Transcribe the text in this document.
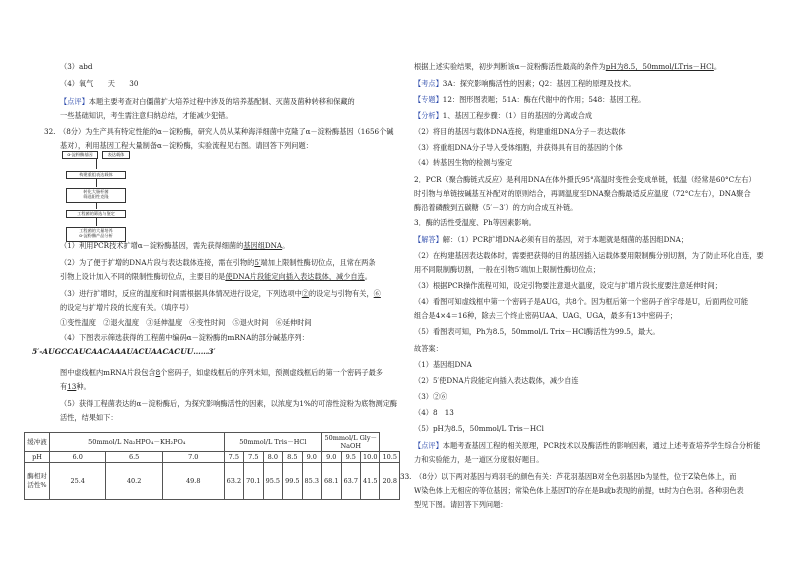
（3）abd
（4）氧气　　天　　30
【点评】本题主要考查对白僵菌扩大培养过程中涉及的培养基配制、灭菌及菌种转移和保藏的
一些基础知识，考生需注意归纳总结，才能减少犯错。
32.　（8分）为生产具有特定性能的α－淀粉酶，研究人员从某种海洋细菌中克隆了α－淀粉酶基因（1656个碱
基对），利用基因工程大量制备α－淀粉酶，实验流程见右图。请回答下列问题：
α-淀粉酶基因	表达载体
构建重组表达载体
转化大肠杆菌
筛选阳性克隆
工程菌的筛选与鉴定
工程菌的大量培养
α-淀粉酶产品分析
（1）利用PCR技术扩增α－淀粉酶基因，需先获得细菌的基因组DNA。
（2）为了便于扩增的DNA片段与表达载体连接，需在引物的5′端加上限制性酶切位点，且常在两条
引物上设计加入不同的限制性酶切位点，主要目的是使DNA片段能定向插入表达载体，减少自连。
（3）进行扩增时，反应的温度和时间需根据具体情况进行设定，下列选项中②的设定与引物有关，⑥
的设定与扩增片段的长度有关。（填序号）
①变性温度　②退火温度　③延伸温度　④变性时间　⑤退火时间　⑥延伸时间
（4）下图表示筛选获得的工程菌中编码α－淀粉酶的mRNA的部分碱基序列：
5′-AUGCCAUCAACAAAUACUAACACUU……3′
图中虚线框内mRNA片段包含8个密码子，如虚线框后的序列未知，预测虚线框后的第一个密码子最多
有13种。
（5）获得工程菌表达的α－淀粉酶后，为探究影响酶活性的因素，以浓度为1%的可溶性淀粉为底物测定酶
活性，结果如下：
缓冲液	50mmol/L Na₂HPO₄－KH₂PO₄			50mmol/L Tris－HCl					50mmol/L Gly－NaOH			
pH	6.0	6.5	7.0	7.5	7.5	8.0	8.5	9.0	9.0	9.5	10.0	10.5
酶相对活性%	25.4	40.2	49.8	63.2	70.1	95.5	99.5	85.3	68.1	63.7	41.5	20.8
根据上述实验结果，初步判断该α－淀粉酶活性最高的条件为pH为8.5，50mmol/LTris－HCl。
【考点】3A：探究影响酶活性的因素；Q2：基因工程的原理及技术。
【专题】12：图形图表题；51A：酶在代谢中的作用；548：基因工程。
【分析】1、基因工程步骤：（1）目的基因的分离或合成
（2）将目的基因与载体DNA连接，构建重组DNA分子－表达载体
（3）将重组DNA分子导入受体细胞，并获得具有目的基因的个体
（4）转基因生物的检测与鉴定
2．PCR（聚合酶链式反应）是利用DNA在体外摄氏95°高温时变性会变成单链，低温（经常是60°C左右）
时引物与单链按碱基互补配对的原则结合，再调温度至DNA聚合酶最适反应温度（72°C左右），DNA聚合
酶沿着磷酸到五碳糖（5′－3′）的方向合成互补链。
3．酶的活性受温度、Ph等因素影响。
【解答】解：（1）PCR扩增DNA必须有目的基因，对于本题就是细菌的基因组DNA；
（2）在构建基因表达载体时，需要把获得的目的基因插入运载体要用限制酶分别切割，为了防止环化自连，要
用不同限制酶切割，一般在引物5′端加上限制性酶切位点；
（3）根据PCR操作流程可知，设定引物要注意退火温度，设定与扩增片段长度要注意延伸时间；
（4）看图可知虚线框中第一个密码子是AUG，共8个。因为框后第一个密码子首字母是U，后面两位可能
组合是4×4＝16种，除去三个终止密码UAA、UAG、UGA，最多有13中密码子；
（5）看图表可知，Ph为8.5，50mmol/L Trix－HCl酶活性为99.5，最大。
故答案：
（1）基因组DNA
（2）5′使DNA片段能定向插入表达载体，减少自连
（3）②⑥
（4）8　13
（5）pH为8.5，50mmol/L Tris－HCl
【点评】本题考查基因工程的相关原理，PCR技术以及酶活性的影响因素，通过上述考查培养学生综合分析能
力和实验能力，是一道区分度很好题目。
33.　（8分）以下两对基因与鸡羽毛的颜色有关：芦花羽基因B对全色羽基因b为显性，位于Z染色体上，而
W染色体上无相应的等位基因；常染色体上基因T的存在是B或b表现的前提，tt时为白色羽。各种羽色表
型见下图。请回答下列问题：
